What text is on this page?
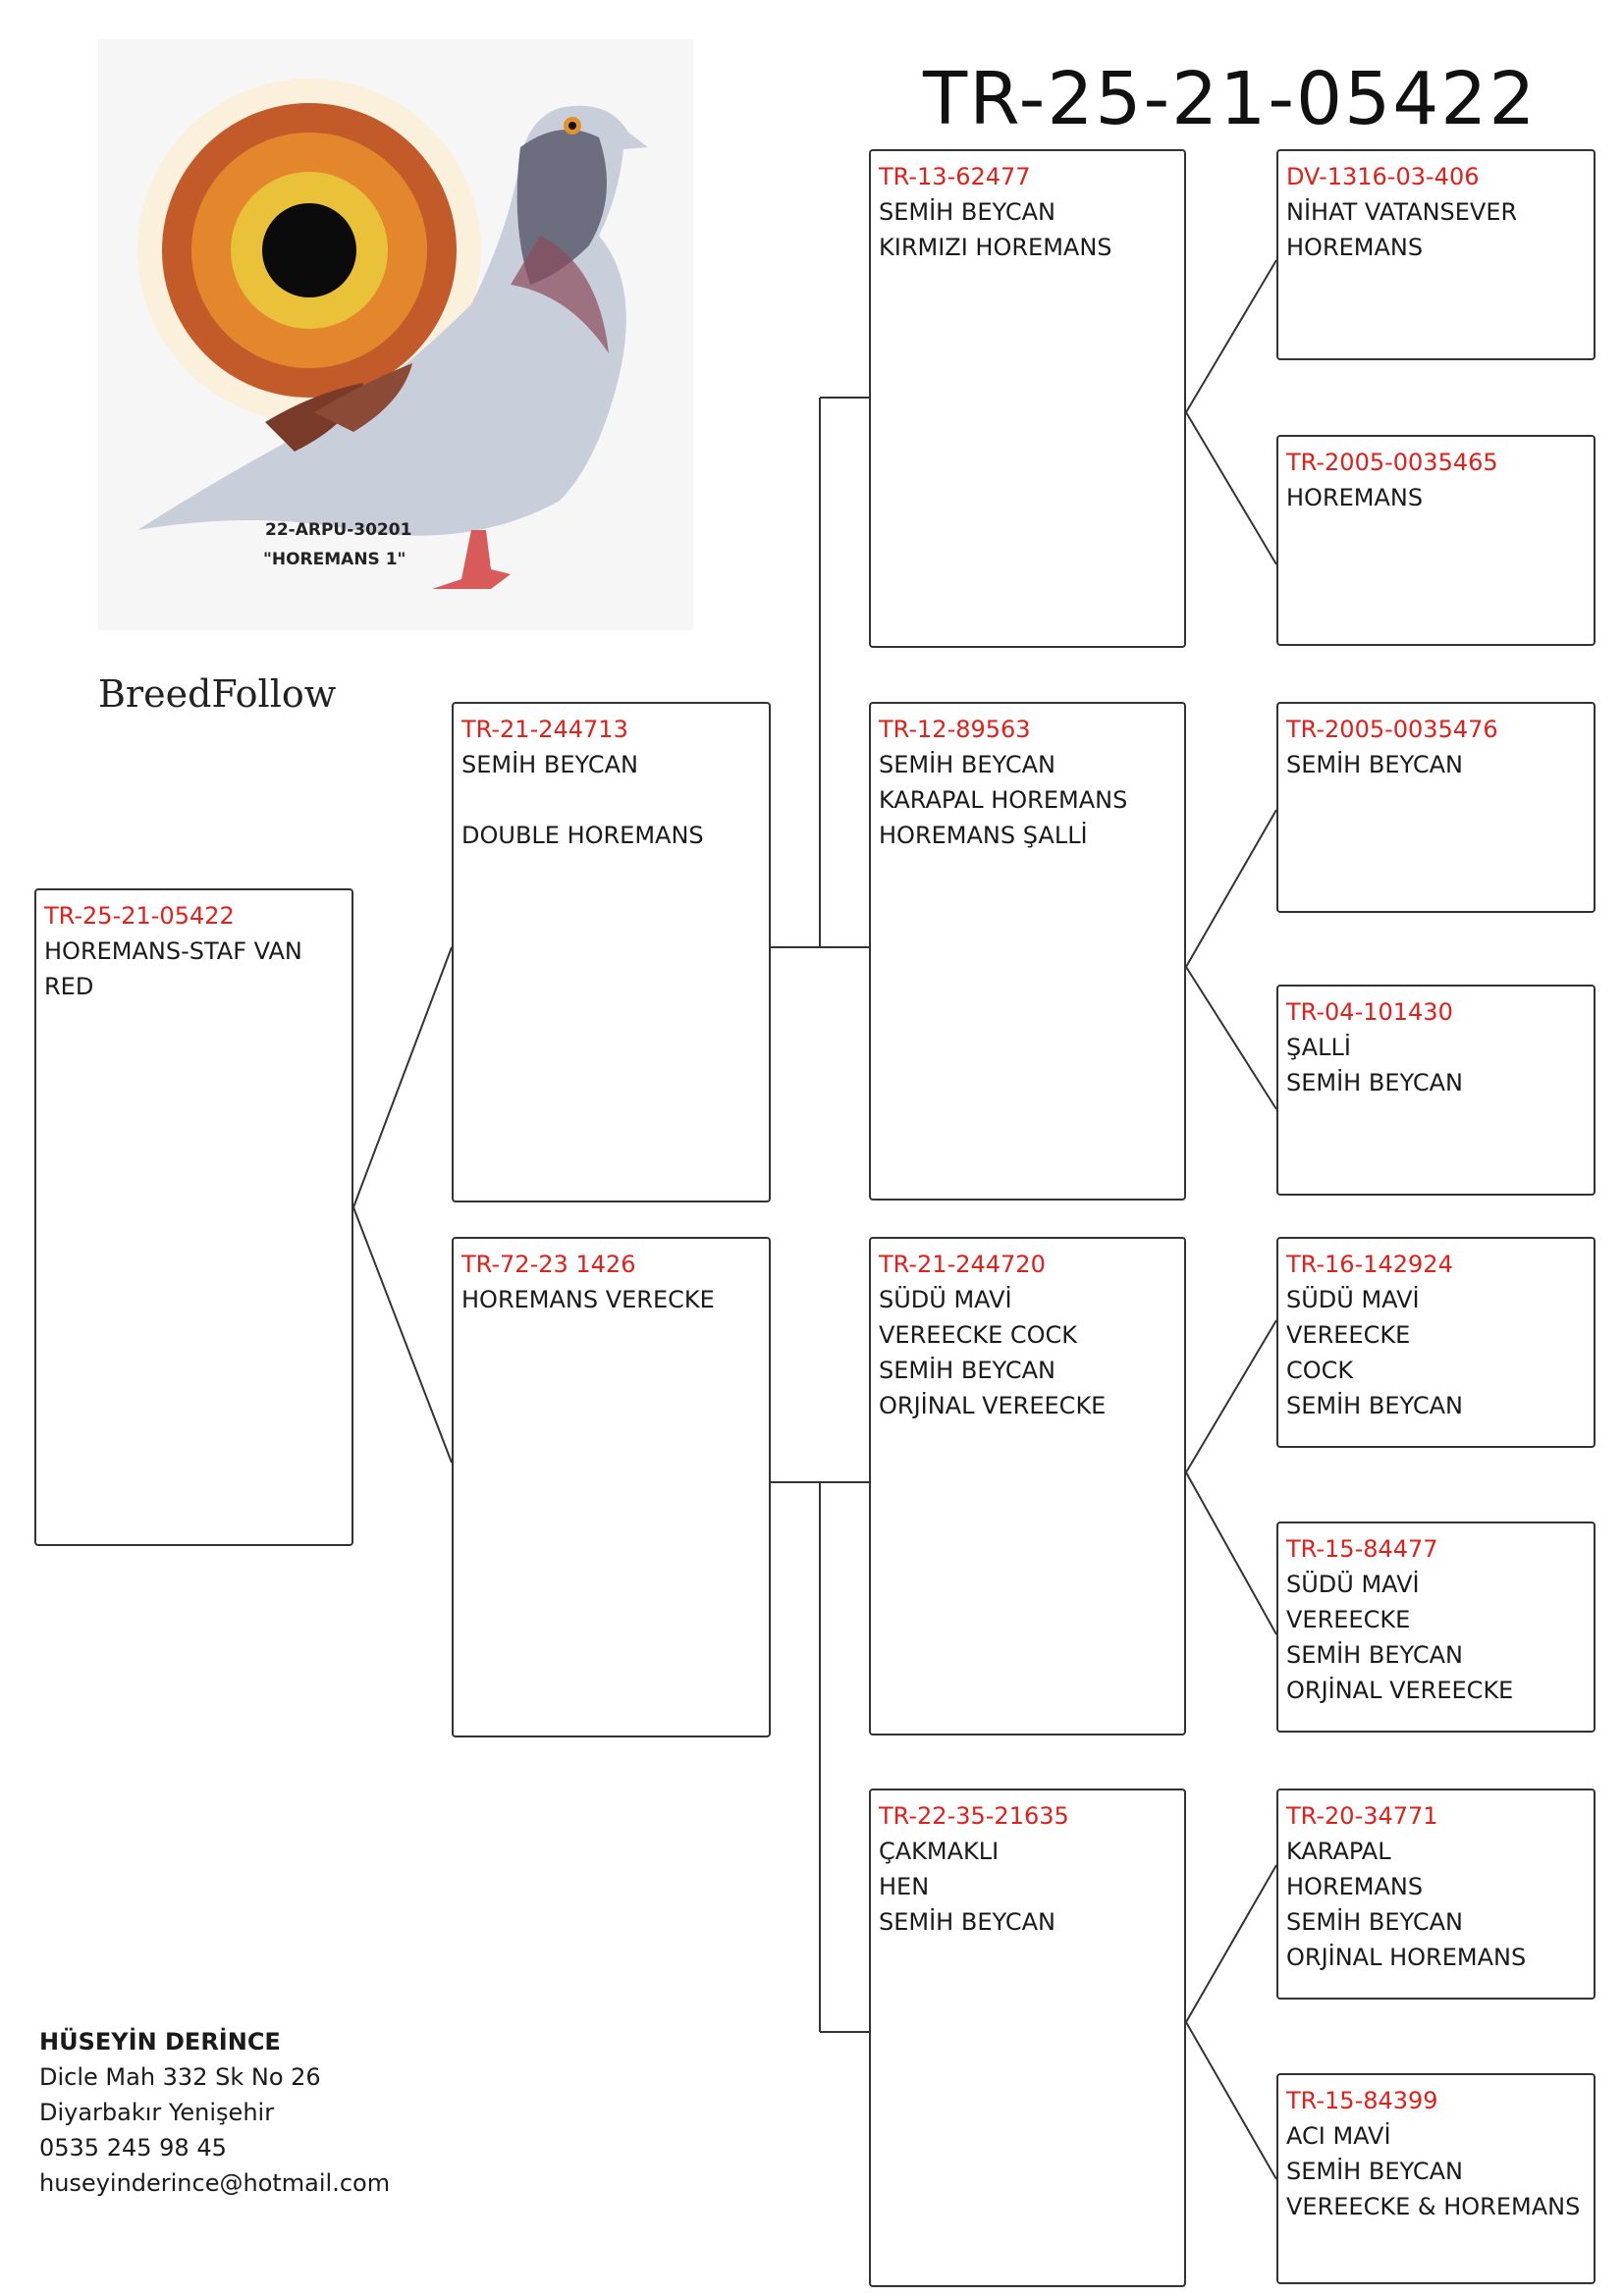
TR-25-21-05422
22-ARPU-30201
"HOREMANS 1"
BreedFollow
TR-25-21-05422
HOREMANS-STAF VAN
RED
TR-21-244713
SEMİH BEYCAN
DOUBLE HOREMANS
TR-72-23 1426
HOREMANS VERECKE
TR-13-62477
SEMİH BEYCAN
KIRMIZI HOREMANS
TR-12-89563
SEMİH BEYCAN
KARAPAL HOREMANS
HOREMANS ŞALLİ
TR-21-244720
SÜDÜ MAVİ
VEREECKE COCK
SEMİH BEYCAN
ORJİNAL VEREECKE
TR-22-35-21635
ÇAKMAKLI
HEN
SEMİH BEYCAN
DV-1316-03-406
NİHAT VATANSEVER
HOREMANS
TR-2005-0035465
HOREMANS
TR-2005-0035476
SEMİH BEYCAN
TR-04-101430
ŞALLİ
SEMİH BEYCAN
TR-16-142924
SÜDÜ MAVİ
VEREECKE
COCK
SEMİH BEYCAN
TR-15-84477
SÜDÜ MAVİ
VEREECKE
SEMİH BEYCAN
ORJİNAL VEREECKE
TR-20-34771
KARAPAL
HOREMANS
SEMİH BEYCAN
ORJİNAL HOREMANS
TR-15-84399
ACI MAVİ
SEMİH BEYCAN
VEREECKE & HOREMANS
HÜSEYİN DERİNCE
Dicle Mah 332 Sk No 26
Diyarbakır Yenişehir
0535 245 98 45
huseyinderince@hotmail.com
